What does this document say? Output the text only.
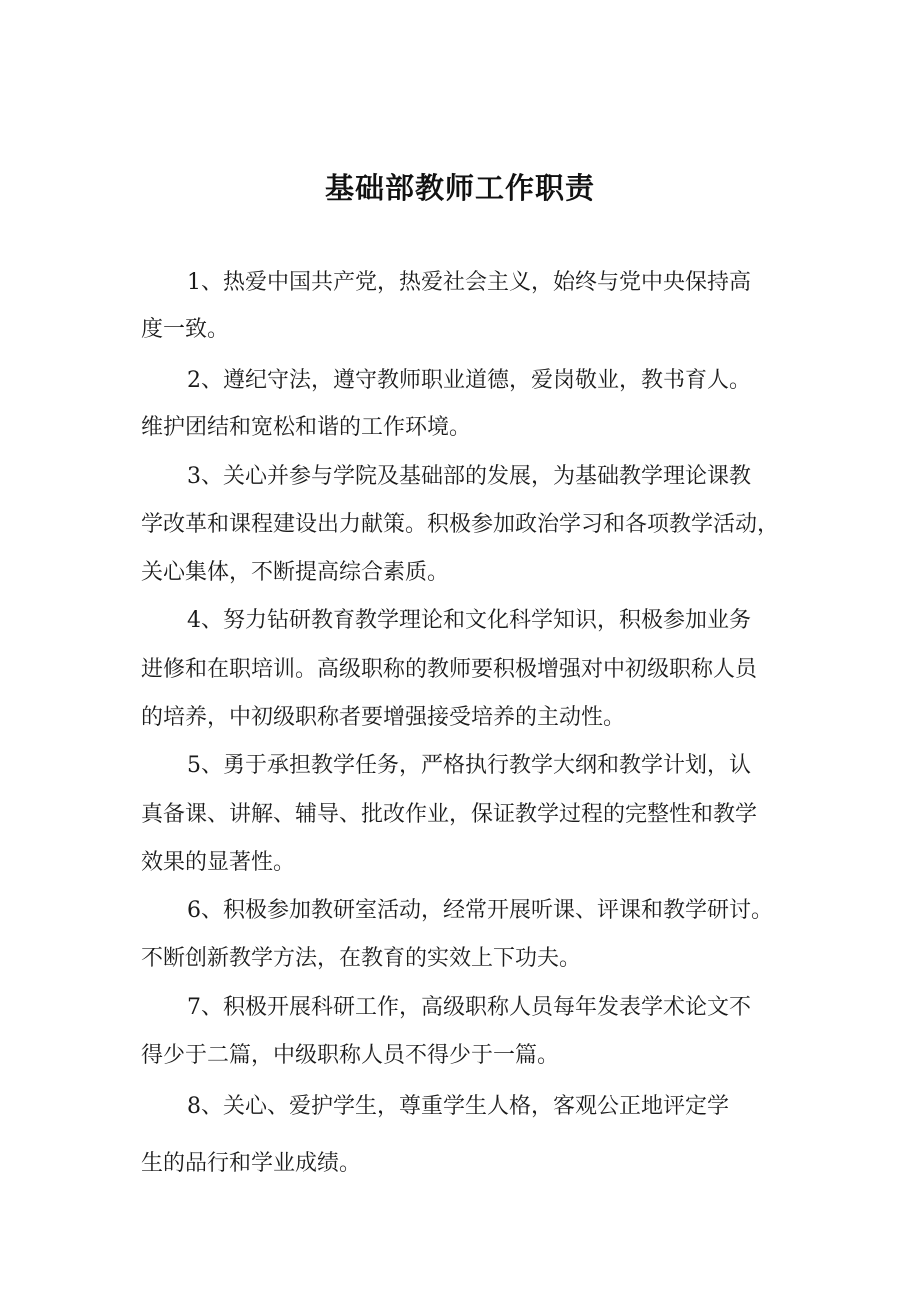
基础部教师工作职责
1、热爱中国共产党，热爱社会主义，始终与党中央保持高
度一致。
2、遵纪守法，遵守教师职业道德，爱岗敬业，教书育人。
维护团结和宽松和谐的工作环境。
3、关心并参与学院及基础部的发展，为基础教学理论课教
学改革和课程建设出力献策。积极参加政治学习和各项教学活动，
关心集体，不断提高综合素质。
4、努力钻研教育教学理论和文化科学知识，积极参加业务
进修和在职培训。高级职称的教师要积极增强对中初级职称人员
的培养，中初级职称者要增强接受培养的主动性。
5、勇于承担教学任务，严格执行教学大纲和教学计划，认
真备课、讲解、辅导、批改作业，保证教学过程的完整性和教学
效果的显著性。
6、积极参加教研室活动，经常开展听课、评课和教学研讨。
不断创新教学方法，在教育的实效上下功夫。
7、积极开展科研工作，高级职称人员每年发表学术论文不
得少于二篇，中级职称人员不得少于一篇。
8、关心、爱护学生，尊重学生人格，客观公正地评定学
生的品行和学业成绩。
